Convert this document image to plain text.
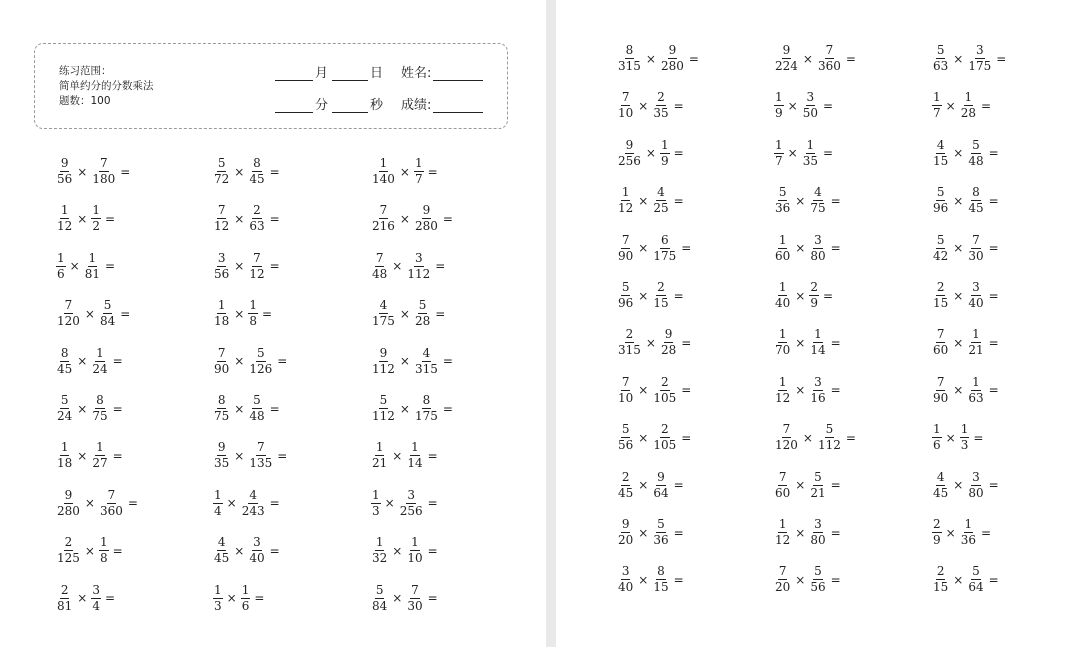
练习范围：
简单约分的分数乘法
题数：100
月	日 姓名:
分	秒 成绩:
$\frac{9}{56} \times \frac{7}{180}$ =
$\frac{1}{12} \times \frac{1}{2}$ =
$\frac{1}{6} \times \frac{1}{81}$ =
$\frac{7}{120} \times \frac{5}{84}$ =
$\frac{8}{45} \times \frac{1}{24}$ =
$\frac{5}{24} \times \frac{8}{75}$ =
$\frac{1}{18} \times \frac{1}{27}$ =
$\frac{9}{280} \times \frac{7}{360}$ =
$\frac{2}{125} \times \frac{1}{8}$ =
$\frac{2}{81} \times \frac{3}{4}$ =
$\frac{5}{72} \times \frac{8}{45}$ =
$\frac{7}{12} \times \frac{2}{63}$ =
$\frac{3}{56} \times \frac{7}{12}$ =
$\frac{1}{18} \times \frac{1}{8}$ =
$\frac{7}{90} \times \frac{5}{126}$ =
$\frac{8}{75} \times \frac{5}{48}$ =
$\frac{9}{35} \times \frac{7}{135}$ =
$\frac{1}{4} \times \frac{4}{243}$ =
$\frac{4}{45} \times \frac{3}{40}$ =
$\frac{1}{3} \times \frac{1}{6}$ =
$\frac{1}{140} \times \frac{1}{7}$ =
$\frac{7}{216} \times \frac{9}{280}$ =
$\frac{7}{48} \times \frac{3}{112}$ =
$\frac{4}{175} \times \frac{5}{28}$ =
$\frac{9}{112} \times \frac{4}{315}$ =
$\frac{5}{112} \times \frac{8}{175}$ =
$\frac{1}{21} \times \frac{1}{14}$ =
$\frac{1}{3} \times \frac{3}{256}$ =
$\frac{1}{32} \times \frac{1}{10}$ =
$\frac{5}{84} \times \frac{7}{30}$ =
$\frac{8}{315} \times \frac{9}{280}$ =
$\frac{7}{10} \times \frac{2}{35}$ =
$\frac{9}{256} \times \frac{1}{9}$ =
$\frac{1}{12} \times \frac{4}{25}$ =
$\frac{7}{90} \times \frac{6}{175}$ =
$\frac{5}{96} \times \frac{2}{15}$ =
$\frac{2}{315} \times \frac{9}{28}$ =
$\frac{7}{10} \times \frac{2}{105}$ =
$\frac{5}{56} \times \frac{2}{105}$ =
$\frac{2}{45} \times \frac{9}{64}$ =
$\frac{9}{20} \times \frac{5}{36}$ =
$\frac{3}{40} \times \frac{8}{15}$ =
$\frac{9}{224} \times \frac{7}{360}$ =
$\frac{1}{9} \times \frac{3}{50}$ =
$\frac{1}{7} \times \frac{1}{35}$ =
$\frac{5}{36} \times \frac{4}{75}$ =
$\frac{1}{60} \times \frac{3}{80}$ =
$\frac{1}{40} \times \frac{2}{9}$ =
$\frac{1}{70} \times \frac{1}{14}$ =
$\frac{1}{12} \times \frac{3}{16}$ =
$\frac{7}{120} \times \frac{5}{112}$ =
$\frac{7}{60} \times \frac{5}{21}$ =
$\frac{1}{12} \times \frac{3}{80}$ =
$\frac{7}{20} \times \frac{5}{56}$ =
$\frac{5}{63} \times \frac{3}{175}$ =
$\frac{1}{7} \times \frac{1}{28}$ =
$\frac{4}{15} \times \frac{5}{48}$ =
$\frac{5}{96} \times \frac{8}{45}$ =
$\frac{5}{42} \times \frac{7}{30}$ =
$\frac{2}{15} \times \frac{3}{40}$ =
$\frac{7}{60} \times \frac{1}{21}$ =
$\frac{7}{90} \times \frac{1}{63}$ =
$\frac{1}{6} \times \frac{1}{3}$ =
$\frac{4}{45} \times \frac{3}{80}$ =
$\frac{2}{9} \times \frac{1}{36}$ =
$\frac{2}{15} \times \frac{5}{64}$ =
